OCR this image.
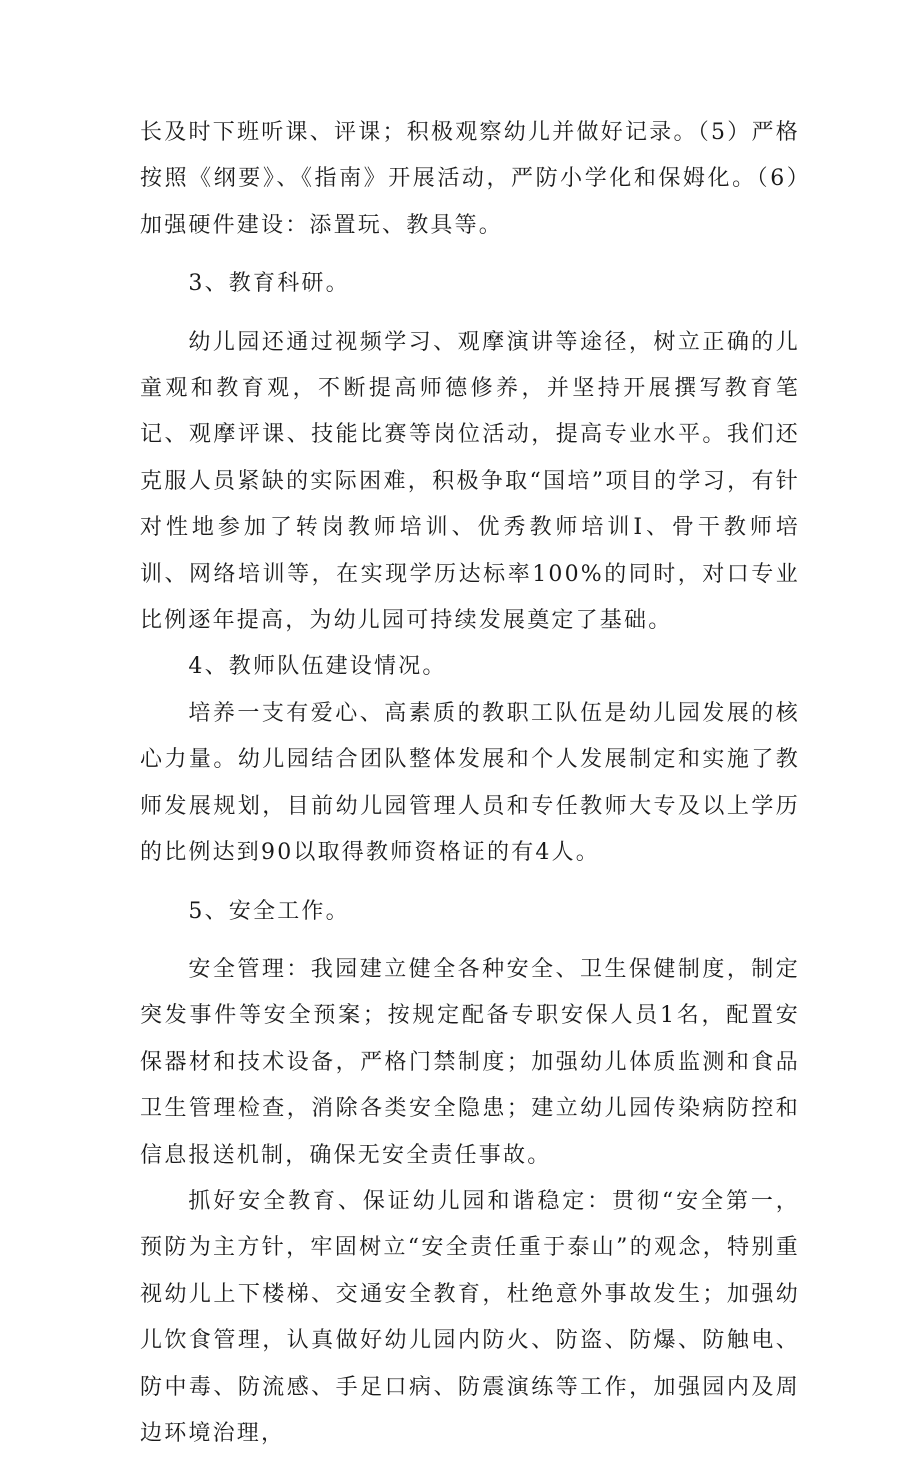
长及时下班听课、评课；积极观察幼儿并做好记录。（5）严格按照《纲要》、《指南》开展活动，严防小学化和保姆化。（6）加强硬件建设：添置玩、教具等。

3、教育科研。

幼儿园还通过视频学习、观摩演讲等途径，树立正确的儿童观和教育观，不断提高师德修养，并坚持开展撰写教育笔记、观摩评课、技能比赛等岗位活动，提高专业水平。我们还克服人员紧缺的实际困难，积极争取“国培”项目的学习，有针对性地参加了转岗教师培训、优秀教师培训I、骨干教师培训、网络培训等，在实现学历达标率100%的同时，对口专业比例逐年提高，为幼儿园可持续发展奠定了基础。

4、教师队伍建设情况。

培养一支有爱心、高素质的教职工队伍是幼儿园发展的核心力量。幼儿园结合团队整体发展和个人发展制定和实施了教师发展规划，目前幼儿园管理人员和专任教师大专及以上学历的比例达到90以取得教师资格证的有4人。

5、安全工作。

安全管理：我园建立健全各种安全、卫生保健制度，制定突发事件等安全预案；按规定配备专职安保人员1名，配置安保器材和技术设备，严格门禁制度；加强幼儿体质监测和食品卫生管理检查，消除各类安全隐患；建立幼儿园传染病防控和信息报送机制，确保无安全责任事故。

抓好安全教育、保证幼儿园和谐稳定：贯彻“安全第一，预防为主方针，牢固树立“安全责任重于泰山”的观念，特别重视幼儿上下楼梯、交通安全教育，杜绝意外事故发生；加强幼儿饮食管理，认真做好幼儿园内防火、防盗、防爆、防触电、防中毒、防流感、手足口病、防震演练等工作，加强园内及周边环境治理，
